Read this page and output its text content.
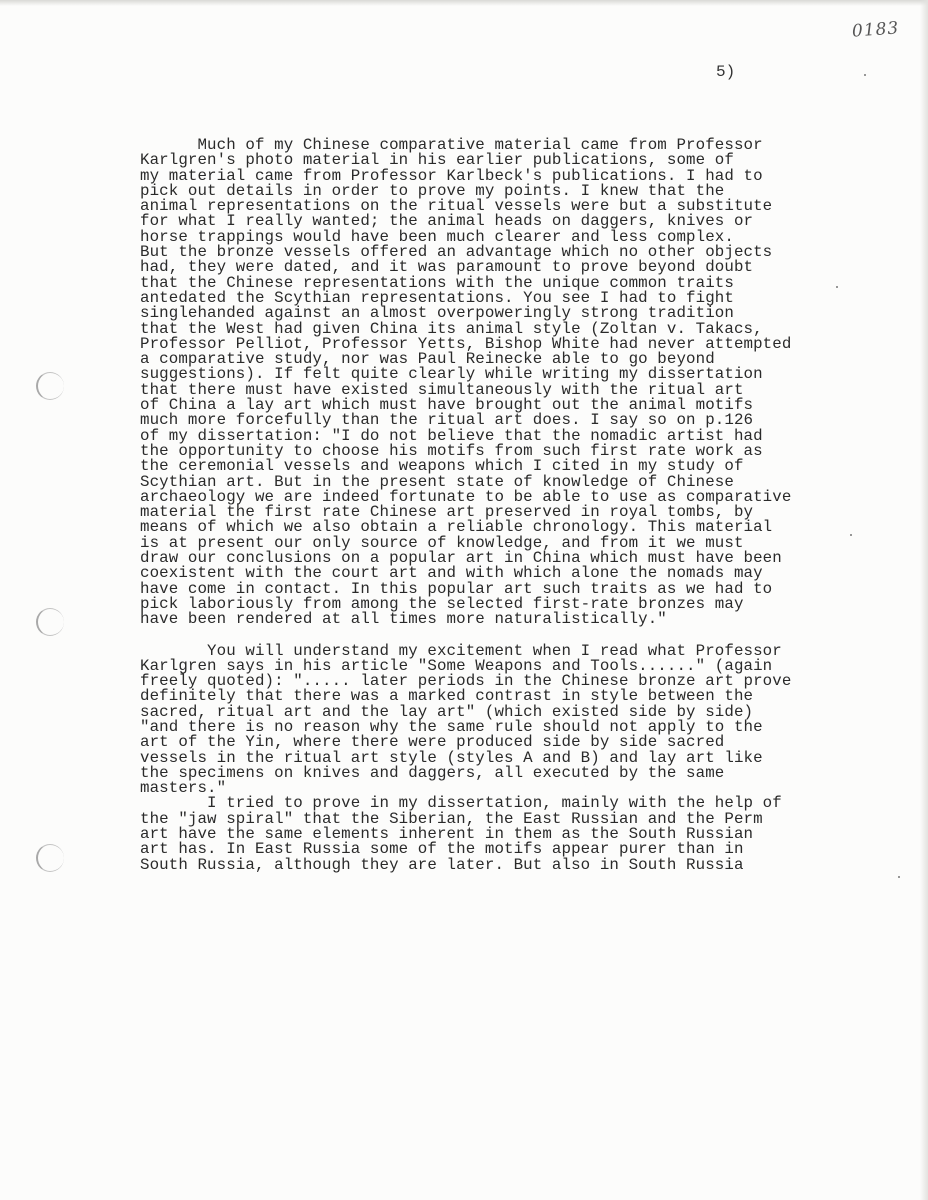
0183
5)
Much of my Chinese comparative material came from Professor
Karlgren's photo material in his earlier publications, some of
my material came from Professor Karlbeck's publications. I had to
pick out details in order to prove my points. I knew that the
animal representations on the ritual vessels were but a substitute
for what I really wanted; the animal heads on daggers, knives or
horse trappings would have been much clearer and less complex.
But the bronze vessels offered an advantage which no other objects
had, they were dated, and it was paramount to prove beyond doubt
that the Chinese representations with the unique common traits
antedated the Scythian representations. You see I had to fight
singlehanded against an almost overpoweringly strong tradition
that the West had given China its animal style (Zoltan v. Takacs,
Professor Pelliot, Professor Yetts, Bishop White had never attempted
a comparative study, nor was Paul Reinecke able to go beyond
suggestions). If felt quite clearly while writing my dissertation
that there must have existed simultaneously with the ritual art
of China a lay art which must have brought out the animal motifs
much more forcefully than the ritual art does. I say so on p.126
of my dissertation: "I do not believe that the nomadic artist had
the opportunity to choose his motifs from such first rate work as
the ceremonial vessels and weapons which I cited in my study of
Scythian art. But in the present state of knowledge of Chinese
archaeology we are indeed fortunate to be able to use as comparative
material the first rate Chinese art preserved in royal tombs, by
means of which we also obtain a reliable chronology. This material
is at present our only source of knowledge, and from it we must
draw our conclusions on a popular art in China which must have been
coexistent with the court art and with which alone the nomads may
have come in contact. In this popular art such traits as we had to
pick laboriously from among the selected first-rate bronzes may
have been rendered at all times more naturalistically."
You will understand my excitement when I read what Professor
Karlgren says in his article "Some Weapons and Tools......" (again
freely quoted): "..... later periods in the Chinese bronze art prove
definitely that there was a marked contrast in style between the
sacred, ritual art and the lay art" (which existed side by side)
"and there is no reason why the same rule should not apply to the
art of the Yin, where there were produced side by side sacred
vessels in the ritual art style (styles A and B) and lay art like
the specimens on knives and daggers, all executed by the same
masters."
I tried to prove in my dissertation, mainly with the help of
the "jaw spiral" that the Siberian, the East Russian and the Perm
art have the same elements inherent in them as the South Russian
art has. In East Russia some of the motifs appear purer than in
South Russia, although they are later. But also in South Russia
